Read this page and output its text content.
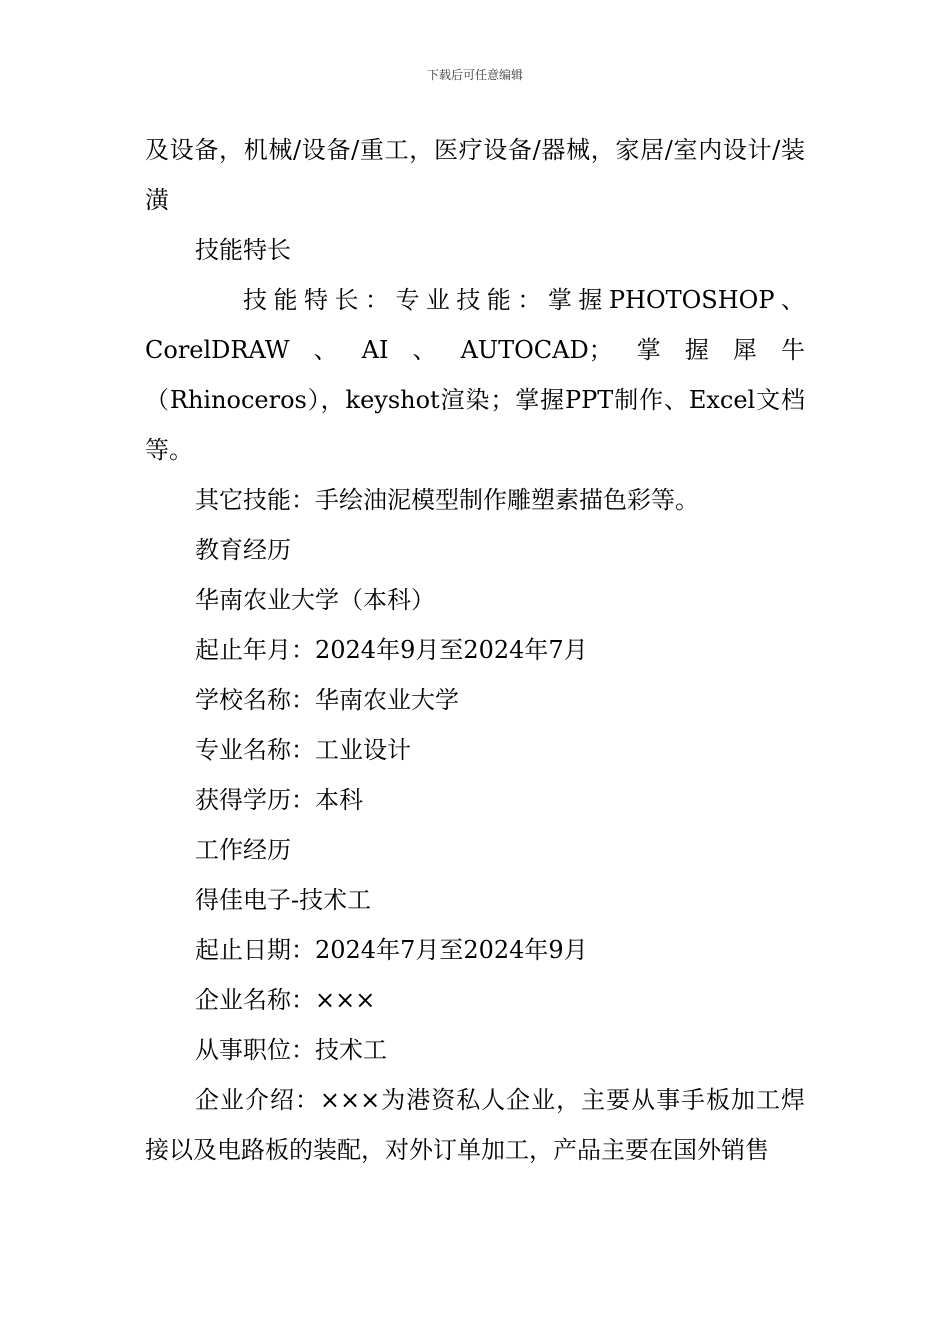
下载后可任意编辑

及设备，机械/设备/重工，医疗设备/器械，家居/室内设计/装潢

技能特长

技能特长：专业技能：掌握PHOTOSHOP、CorelDRAW、AI、AUTOCAD；掌握犀牛（Rhinoceros），keyshot渲染；掌握PPT制作、Excel文档等。

其它技能：手绘油泥模型制作雕塑素描色彩等。

教育经历

华南农业大学（本科）

起止年月：2024年9月至2024年7月

学校名称：华南农业大学

专业名称：工业设计

获得学历：本科

工作经历

得佳电子-技术工

起止日期：2024年7月至2024年9月

企业名称：×××

从事职位：技术工

企业介绍：×××为港资私人企业，主要从事手板加工焊接以及电路板的装配，对外订单加工，产品主要在国外销售
